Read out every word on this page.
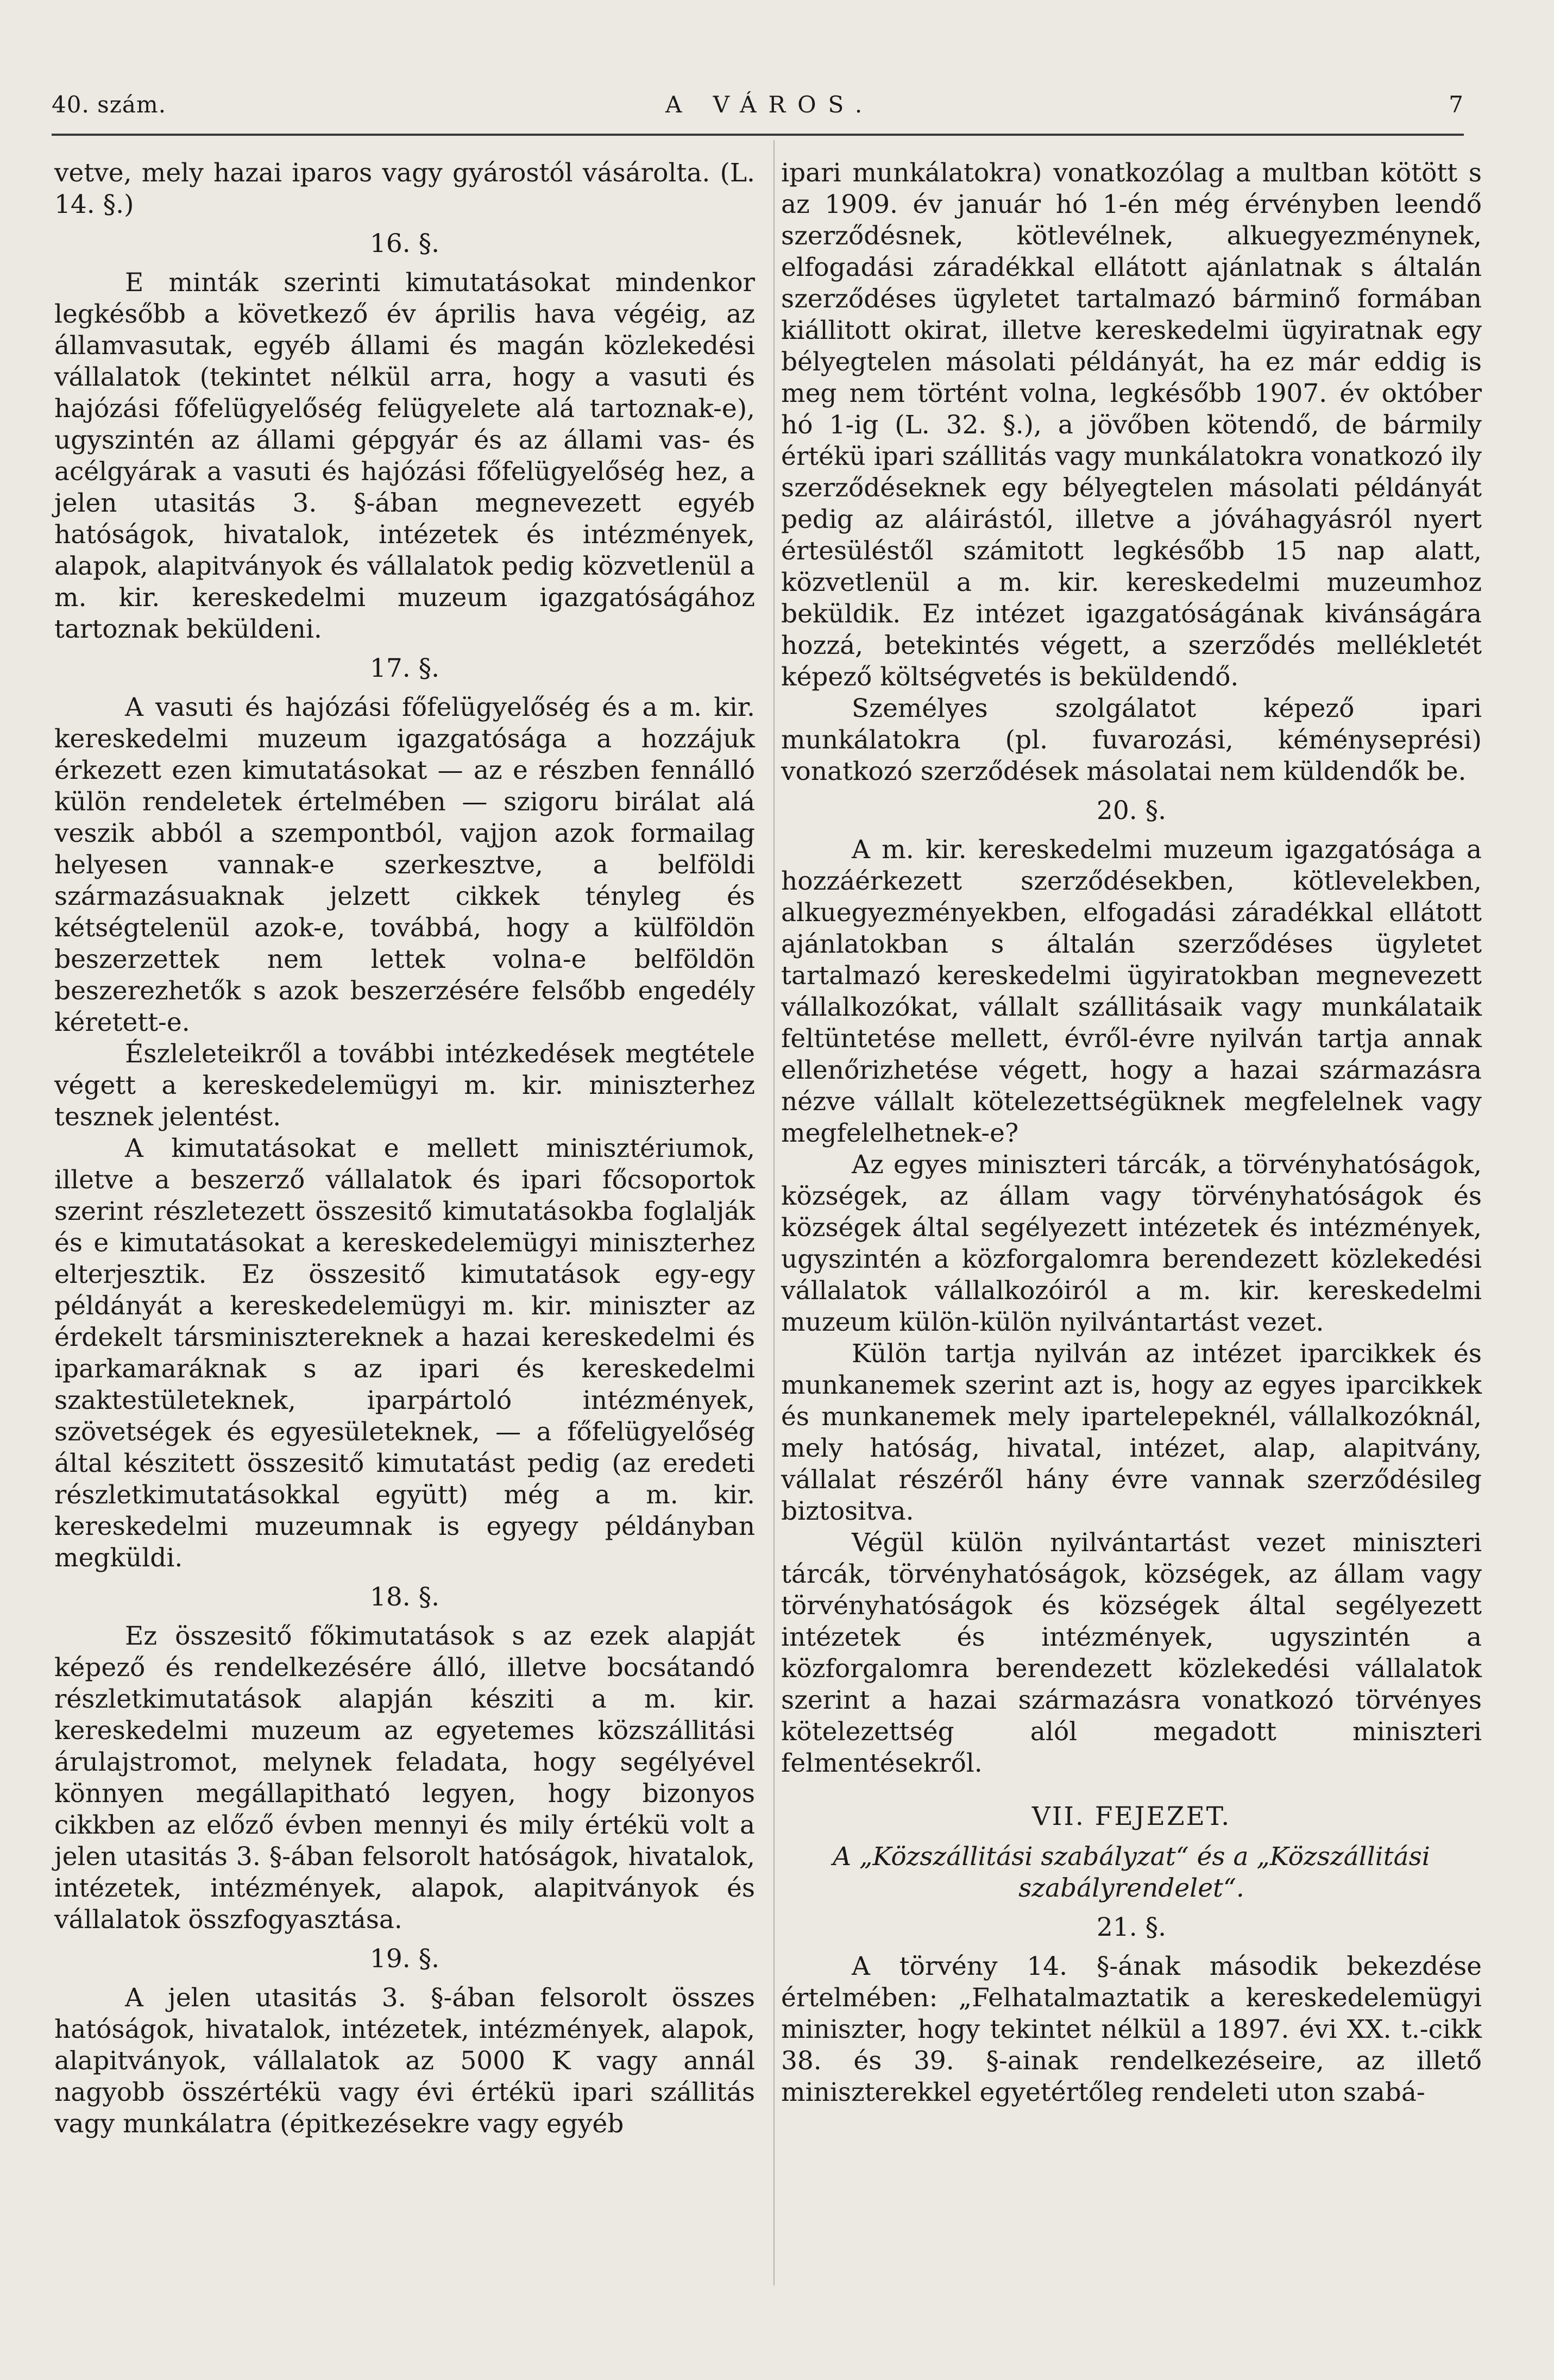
40. szám.	A VÁROS.	7

vetve, mely hazai iparos vagy gyárostól vásárolta. (L. 14. §.)

16. §.

E minták szerinti kimutatásokat mindenkor legkésőbb a következő év április hava végéig, az államvasutak, egyéb állami és magán közlekedési vállalatok (tekintet nélkül arra, hogy a vasuti és hajózási főfelügyelőség felügyelete alá tartoznak-e), ugyszintén az állami gépgyár és az állami vas- és acélgyárak a vasuti és hajózási főfelügyelőség hez, a jelen utasitás 3. §-ában megnevezett egyéb hatóságok, hivatalok, intézetek és intézmények, alapok, alapitványok és vállalatok pedig közvetlenül a m. kir. kereskedelmi muzeum igazgatóságához tartoznak beküldeni.

17. §.

A vasuti és hajózási főfelügyelőség és a m. kir. kereskedelmi muzeum igazgatósága a hozzájuk érkezett ezen kimutatásokat — az e részben fennálló külön rendeletek értelmében — szigoru birálat alá veszik abból a szempontból, vajjon azok formailag helyesen vannak-e szerkesztve, a belföldi származásuaknak jelzett cikkek tényleg és kétségtelenül azok-e, továbbá, hogy a külföldön beszerzettek nem lettek volna-e belföldön beszerezhetők s azok beszerzésére felsőbb engedély kéretett-e.

Észleleteikről a további intézkedések megtétele végett a kereskedelemügyi m. kir. miniszterhez tesznek jelentést.

A kimutatásokat e mellett minisztériumok, illetve a beszerző vállalatok és ipari főcsoportok szerint részletezett összesitő kimutatásokba foglalják és e kimutatásokat a kereskedelemügyi miniszterhez elterjesztik. Ez összesitő kimutatások egy-egy példányát a kereskedelemügyi m. kir. miniszter az érdekelt társminisztereknek a hazai kereskedelmi és iparkamaráknak s az ipari és kereskedelmi szaktestületeknek, iparpártoló intézmények, szövetségek és egyesületeknek, — a főfelügyelőség által készitett összesitő kimutatást pedig (az eredeti részletkimutatásokkal együtt) még a m. kir. kereskedelmi muzeumnak is egyegy példányban megküldi.

18. §.

Ez összesitő főkimutatások s az ezek alapját képező és rendelkezésére álló, illetve bocsátandó részletkimutatások alapján késziti a m. kir. kereskedelmi muzeum az egyetemes közszállitási árulajstromot, melynek feladata, hogy segélyével könnyen megállapitható legyen, hogy bizonyos cikkben az előző évben mennyi és mily értékü volt a jelen utasitás 3. §-ában felsorolt hatóságok, hivatalok, intézetek, intézmények, alapok, alapitványok és vállalatok összfogyasztása.

19. §.

A jelen utasitás 3. §-ában felsorolt összes hatóságok, hivatalok, intézetek, intézmények, alapok, alapitványok, vállalatok az 5000 K vagy annál nagyobb összértékü vagy évi értékü ipari szállitás vagy munkálatra (épitkezésekre vagy egyéb

ipari munkálatokra) vonatkozólag a multban kötött s az 1909. év január hó 1-én még érvényben leendő szerződésnek, kötlevélnek, alkuegyezménynek, elfogadási záradékkal ellátott ajánlatnak s általán szerződéses ügyletet tartalmazó bárminő formában kiállitott okirat, illetve kereskedelmi ügyiratnak egy bélyegtelen másolati példányát, ha ez már eddig is meg nem történt volna, legkésőbb 1907. év október hó 1-ig (L. 32. §.), a jövőben kötendő, de bármily értékü ipari szállitás vagy munkálatokra vonatkozó ily szerződéseknek egy bélyegtelen másolati példányát pedig az aláirástól, illetve a jóváhagyásról nyert értesüléstől számitott legkésőbb 15 nap alatt, közvetlenül a m. kir. kereskedelmi muzeumhoz beküldik. Ez intézet igazgatóságának kivánságára hozzá, betekintés végett, a szerződés mellékletét képező költségvetés is beküldendő.

Személyes szolgálatot képező ipari munkálatokra (pl. fuvarozási, kéményseprési) vonatkozó szerződések másolatai nem küldendők be.

20. §.

A m. kir. kereskedelmi muzeum igazgatósága a hozzáérkezett szerződésekben, kötlevelekben, alkuegyezményekben, elfogadási záradékkal ellátott ajánlatokban s általán szerződéses ügyletet tartalmazó kereskedelmi ügyiratokban megnevezett vállalkozókat, vállalt szállitásaik vagy munkálataik feltüntetése mellett, évről-évre nyilván tartja annak ellenőrizhetése végett, hogy a hazai származásra nézve vállalt kötelezettségüknek megfelelnek vagy megfelelhetnek-e?

Az egyes miniszteri tárcák, a törvényhatóságok, községek, az állam vagy törvényhatóságok és községek által segélyezett intézetek és intézmények, ugyszintén a közforgalomra berendezett közlekedési vállalatok vállalkozóiról a m. kir. kereskedelmi muzeum külön-külön nyilvántartást vezet.

Külön tartja nyilván az intézet iparcikkek és munkanemek szerint azt is, hogy az egyes iparcikkek és munkanemek mely ipartelepeknél, vállalkozóknál, mely hatóság, hivatal, intézet, alap, alapitvány, vállalat részéről hány évre vannak szerződésileg biztositva.

Végül külön nyilvántartást vezet miniszteri tárcák, törvényhatóságok, községek, az állam vagy törvényhatóságok és községek által segélyezett intézetek és intézmények, ugyszintén a közforgalomra berendezett közlekedési vállalatok szerint a hazai származásra vonatkozó törvényes kötelezettség alól megadott miniszteri felmentésekről.

VII. FEJEZET.
A „Közszállitási szabályzat“ és a „Közszállitási szabályrendelet“.
21. §.

A törvény 14. §-ának második bekezdése értelmében: „Felhatalmaztatik a kereskedelemügyi miniszter, hogy tekintet nélkül a 1897. évi XX. t.-cikk 38. és 39. §-ainak rendelkezéseire, az illető miniszterekkel egyetértőleg rendeleti uton szabá-
